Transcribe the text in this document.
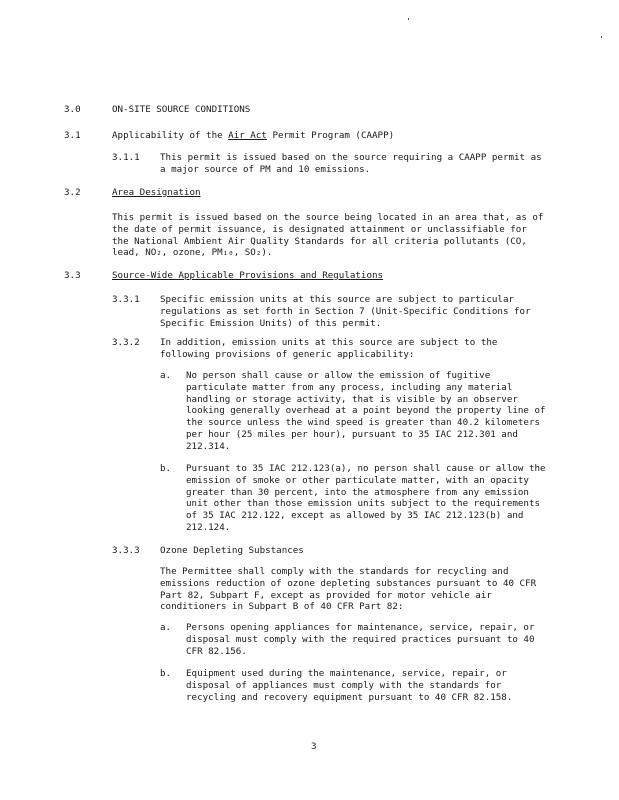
3.0	ON-SITE SOURCE CONDITIONS
3.1	Applicability of the Air Act Permit Program (CAAPP)
3.1.1 This permit is issued based on the source requiring a CAAPP permit as a major source of PM and 10 emissions.
3.2	Area Designation
This permit is issued based on the source being located in an area that, as of the date of permit issuance, is designated attainment or unclassifiable for the National Ambient Air Quality Standards for all criteria pollutants (CO, lead, NO₂, ozone, PM₁₀, SO₂).
3.3	Source-Wide Applicable Provisions and Regulations
3.3.1 Specific emission units at this source are subject to particular regulations as set forth in Section 7 (Unit-Specific Conditions for Specific Emission Units) of this permit.
3.3.2 In addition, emission units at this source are subject to the following provisions of generic applicability:
a. No person shall cause or allow the emission of fugitive particulate matter from any process, including any material handling or storage activity, that is visible by an observer looking generally overhead at a point beyond the property line of the source unless the wind speed is greater than 40.2 kilometers per hour (25 miles per hour), pursuant to 35 IAC 212.301 and 212.314.
b. Pursuant to 35 IAC 212.123(a), no person shall cause or allow the emission of smoke or other particulate matter, with an opacity greater than 30 percent, into the atmosphere from any emission unit other than those emission units subject to the requirements of 35 IAC 212.122, except as allowed by 35 IAC 212.123(b) and 212.124.
3.3.3 Ozone Depleting Substances
The Permittee shall comply with the standards for recycling and emissions reduction of ozone depleting substances pursuant to 40 CFR Part 82, Subpart F, except as provided for motor vehicle air conditioners in Subpart B of 40 CFR Part 82:
a. Persons opening appliances for maintenance, service, repair, or disposal must comply with the required practices pursuant to 40 CFR 82.156.
b. Equipment used during the maintenance, service, repair, or disposal of appliances must comply with the standards for recycling and recovery equipment pursuant to 40 CFR 82.158.
3
